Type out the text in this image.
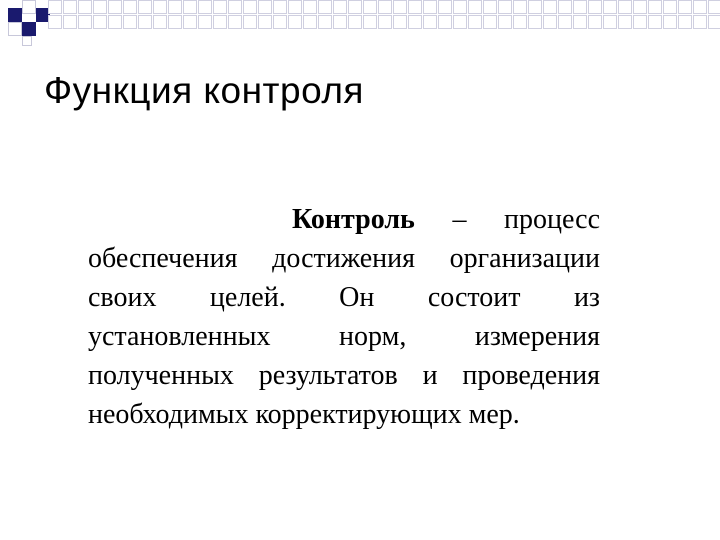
Функция контроля
Контроль – процесс обеспечения достижения организации своих целей. Он состоит из установленных норм, измерения полученных результатов и проведения необходимых корректирующих мер.
